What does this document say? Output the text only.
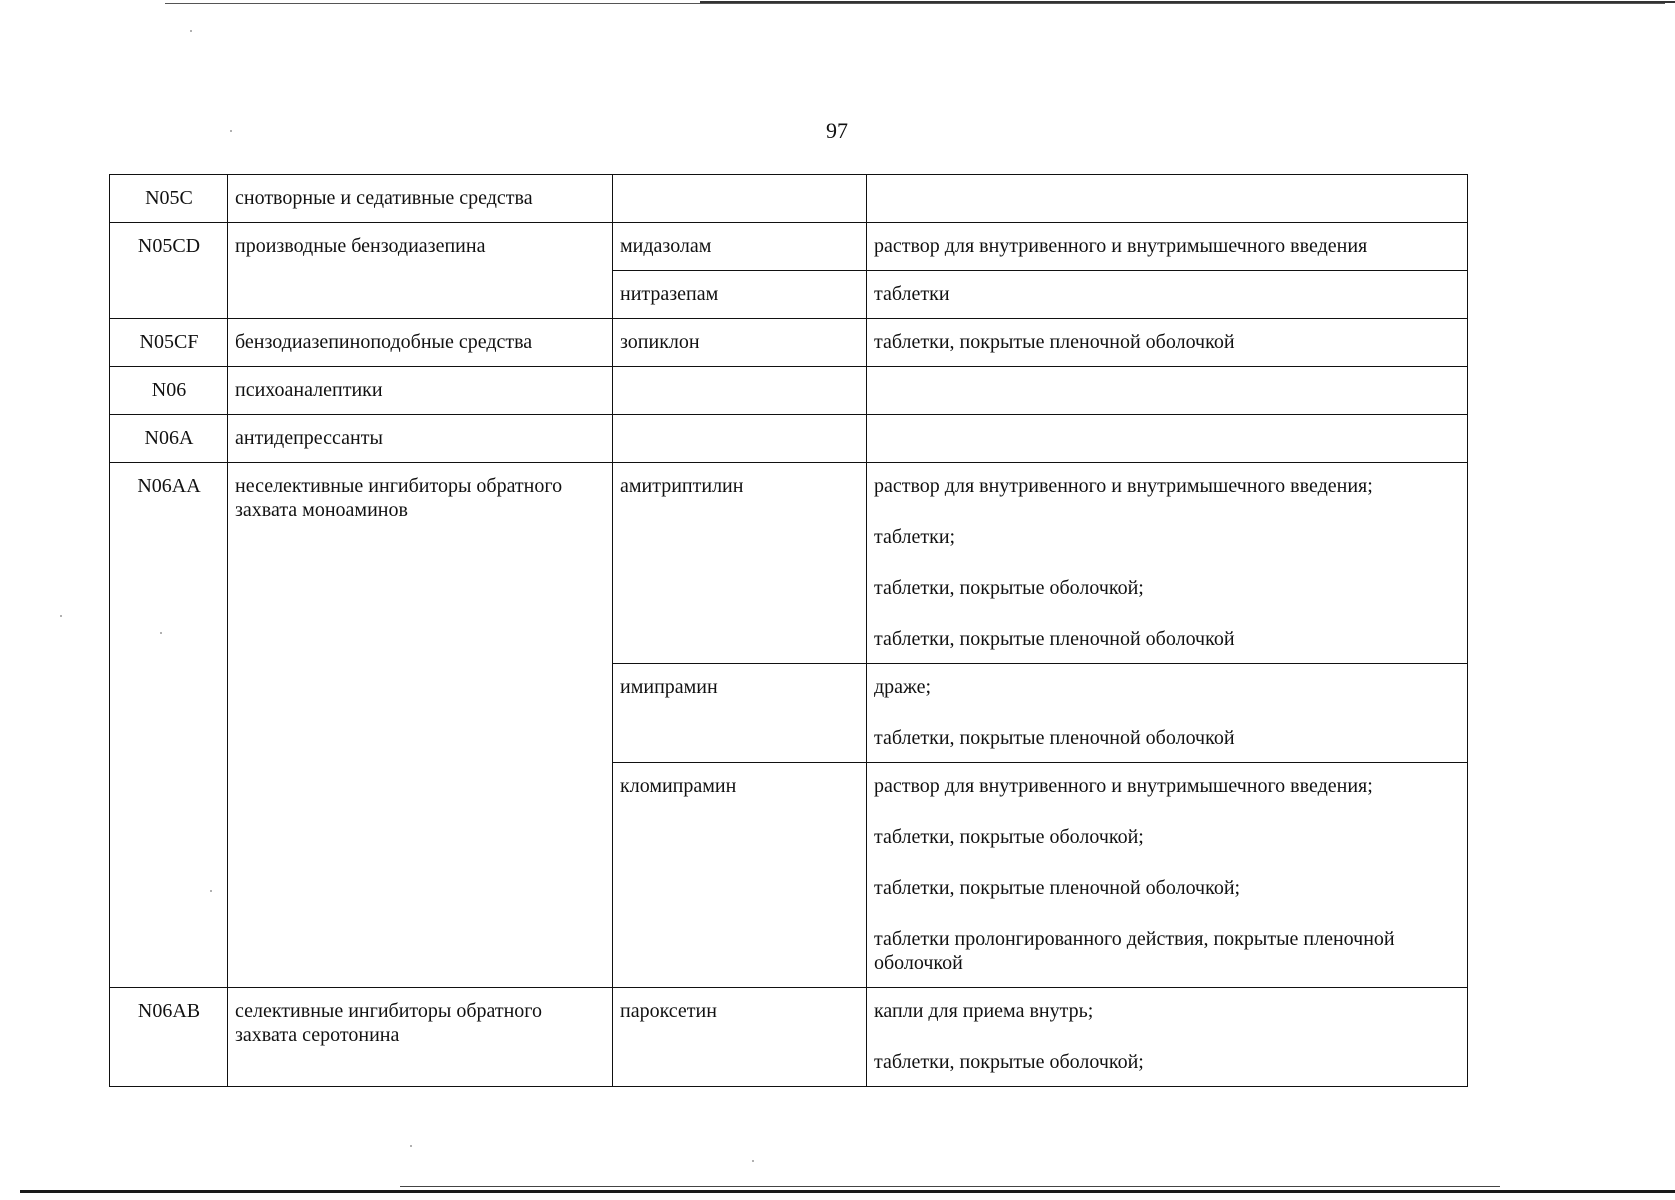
97
N05C	снотворные и седативные средства		

N05CD	производные бензодиазепина	мидазолам	раствор для внутривенного и внутримышечного введения

		нитразепам	таблетки

N05CF	бензодиазепиноподобные средства	зопиклон	таблетки, покрытые пленочной оболочкой

N06	психоаналептики		

N06A	антидепрессанты		

N06AA	неселективные ингибиторы обратного захвата моноаминов	амитриптилин	раствор для внутривенного и внутримышечного введения;
таблетки;
таблетки, покрытые оболочкой;
таблетки, покрытые пленочной оболочкой

		имипрамин	драже;
таблетки, покрытые пленочной оболочкой

		кломипрамин	раствор для внутривенного и внутримышечного введения;
таблетки, покрытые оболочкой;
таблетки, покрытые пленочной оболочкой;
таблетки пролонгированного действия, покрытые пленочной оболочкой

N06AB	селективные ингибиторы обратного захвата серотонина	пароксетин	капли для приема внутрь;
таблетки, покрытые оболочкой;
